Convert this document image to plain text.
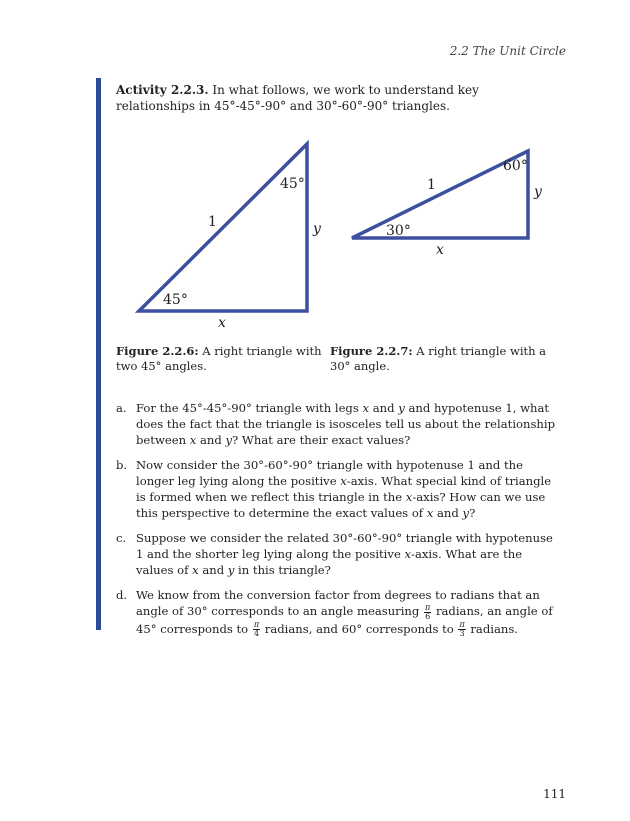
2.2 The Unit Circle
Activity 2.2.3. In what follows, we work to understand key relationships in 45°-45°-90° and 30°-60°-90° triangles.
45°
45°
1	y
x
60°
30°
1	y
x
Figure 2.2.6: A right triangle with two 45° angles.
Figure 2.2.7: A right triangle with a 30° angle.
a. For the 45°-45°-90° triangle with legs x and y and hypotenuse 1, what does the fact that the triangle is isosceles tell us about the relationship between x and y? What are their exact values?
b. Now consider the 30°-60°-90° triangle with hypotenuse 1 and the longer leg lying along the positive x-axis. What special kind of triangle is formed when we reflect this triangle in the x-axis? How can we use this perspective to determine the exact values of x and y?
c. Suppose we consider the related 30°-60°-90° triangle with hypotenuse 1 and the shorter leg lying along the positive x-axis. What are the values of x and y in this triangle?
d. We know from the conversion factor from degrees to radians that an angle of 30° corresponds to an angle measuring $\frac{\pi}{6}$ radians, an angle of 45° corresponds to $\frac{\pi}{4}$ radians, and 60° corresponds to $\frac{\pi}{3}$ radians.
111
